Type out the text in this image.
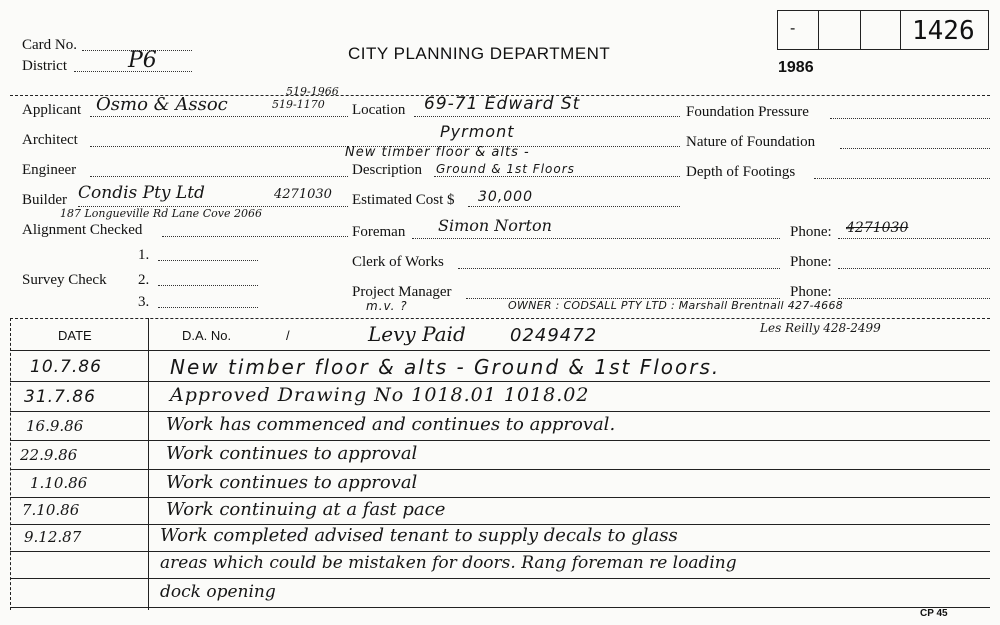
Card No.
District	P6	CITY PLANNING DEPARTMENT
-	1426
1986
Applicant Osmo & Assoc
519-1966
519-1170
Architect
Engineer
Builder Condis Pty Ltd	4271030
187 Longueville Rd Lane Cove 2066
Alignment Checked
1.
Survey Check 2.
3.
Location 69-71 Edward St
Pyrmont
New timber floor & alts -
Description Ground & 1st Floors
Estimated Cost $ 30,000
Foreman Simon Norton
Clerk of Works
Project Manager
Foundation Pressure
Nature of Foundation
Depth of Footings
Phone: 4271030
Phone:
Phone:
m.v. ?	OWNER : CODSALL PTY LTD : Marshall Brentnall 427-4668
DATE	D.A. No.	/	Levy Paid 0249472	Les Reilly 428-2499
10.7.86	New timber floor & alts - Ground & 1st Floors.
31.7.86	Approved Drawing No 1018.01 1018.02
16.9.86	Work has commenced and continues to approval.
22.9.86	Work continues to approval
1.10.86	Work continues to approval
7.10.86	Work continuing at a fast pace
9.12.87	Work completed advised tenant to supply decals to glass
areas which could be mistaken for doors. Rang foreman re loading
dock opening
CP 45
